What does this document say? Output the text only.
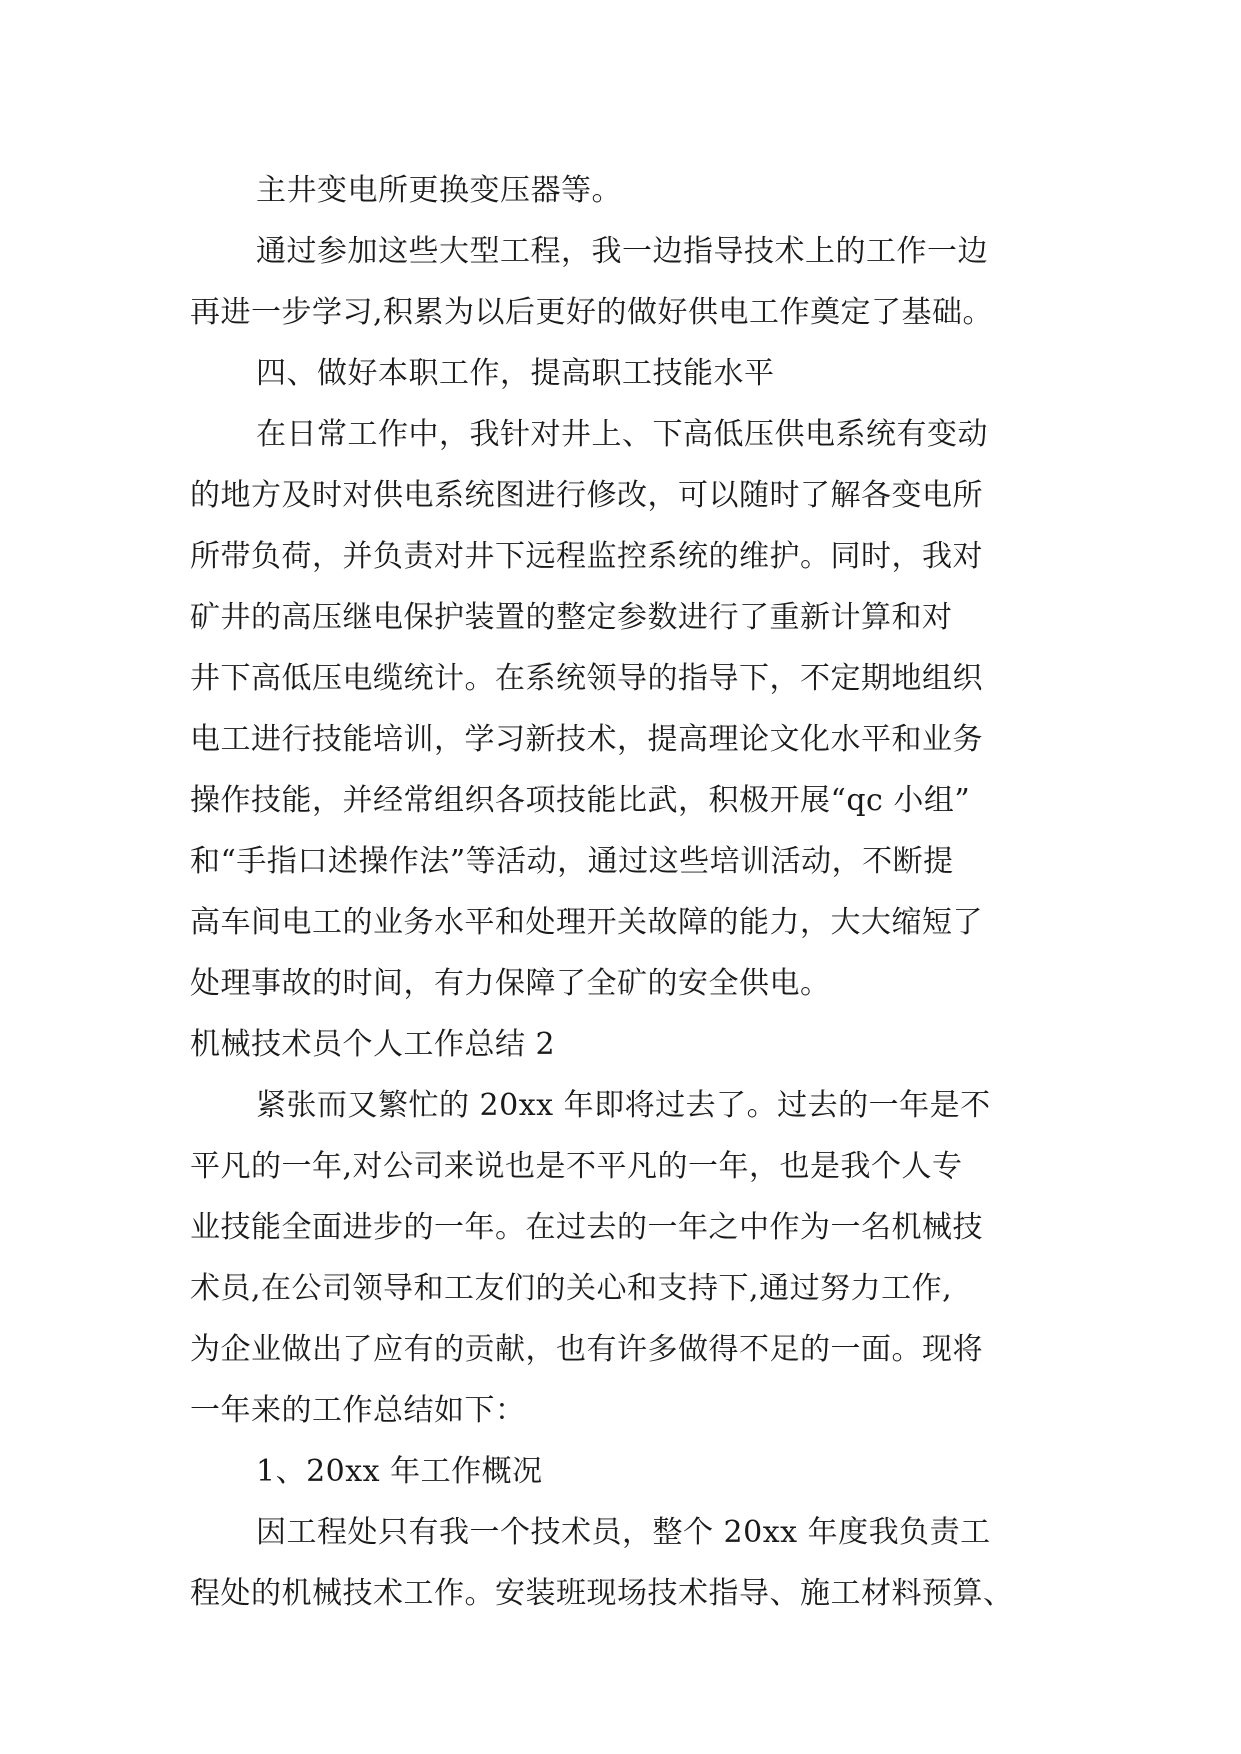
主井变电所更换变压器等。
通过参加这些大型工程，我一边指导技术上的工作一边
再进一步学习,积累为以后更好的做好供电工作奠定了基础。
四、做好本职工作，提高职工技能水平
在日常工作中，我针对井上、下高低压供电系统有变动
的地方及时对供电系统图进行修改，可以随时了解各变电所
所带负荷，并负责对井下远程监控系统的维护。同时，我对
矿井的高压继电保护装置的整定参数进行了重新计算和对
井下高低压电缆统计。在系统领导的指导下，不定期地组织
电工进行技能培训，学习新技术，提高理论文化水平和业务
操作技能，并经常组织各项技能比武，积极开展“qc 小组”
和“手指口述操作法”等活动，通过这些培训活动，不断提
高车间电工的业务水平和处理开关故障的能力，大大缩短了
处理事故的时间，有力保障了全矿的安全供电。
机械技术员个人工作总结 2
紧张而又繁忙的 20xx 年即将过去了。过去的一年是不
平凡的一年,对公司来说也是不平凡的一年，也是我个人专
业技能全面进步的一年。在过去的一年之中作为一名机械技
术员,在公司领导和工友们的关心和支持下,通过努力工作,
为企业做出了应有的贡献，也有许多做得不足的一面。现将
一年来的工作总结如下：
1、20xx 年工作概况
因工程处只有我一个技术员，整个 20xx 年度我负责工
程处的机械技术工作。安装班现场技术指导、施工材料预算、
